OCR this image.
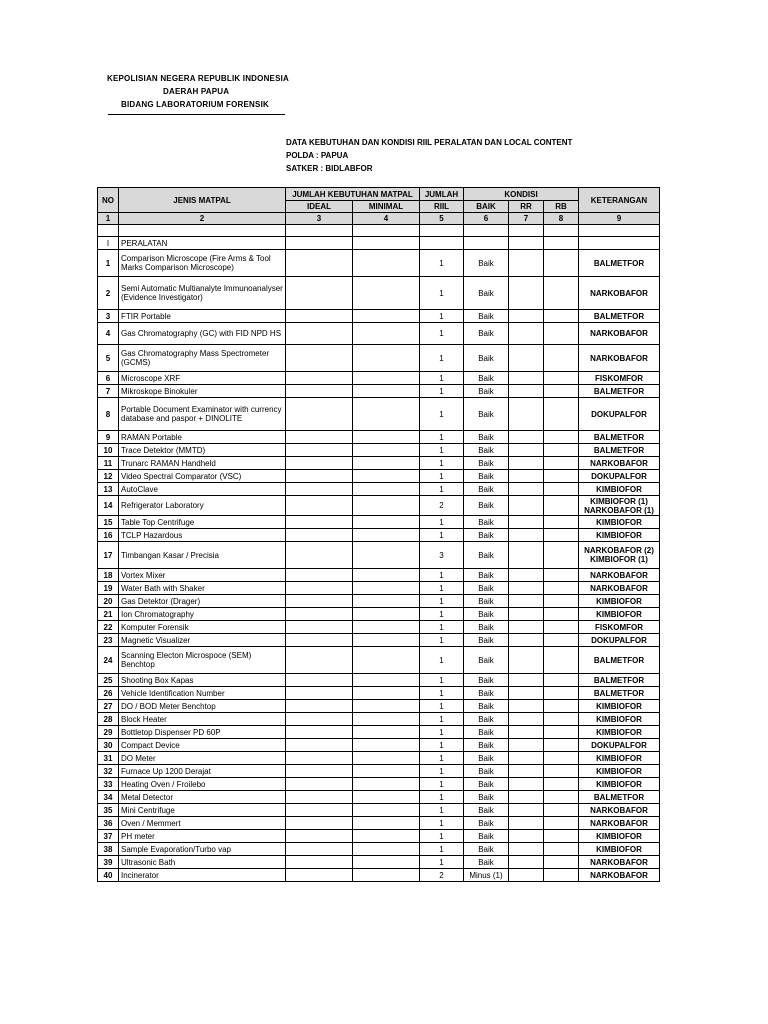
KEPOLISIAN NEGERA REPUBLIK INDONESIA
DAERAH PAPUA
BIDANG LABORATORIUM FORENSIK
DATA KEBUTUHAN DAN KONDISI RIIL PERALATAN DAN LOCAL CONTENT
POLDA : PAPUA
SATKER : BIDLABFOR
NO	JENIS MATPAL	JUMLAH KEBUTUHAN MATPAL		JUMLAH	KONDISI			KETERANGAN
		IDEAL	MINIMAL	RIIL	BAIK	RR	RB	
1	2	3	4	5	6	7	8	9

I	PERALATAN							
1	Comparison Microscope (Fire Arms & Tool Marks Comparison Microscope)			1	Baik			BALMETFOR

2	Semi Automatic Multianalyte Immunoanalyser (Evidence Investigator)			1	Baik			NARKOBAFOR

3	FTIR Portable			1	Baik			BALMETFOR

4	Gas Chromatography (GC) with FID NPD HS			1	Baik			NARKOBAFOR

5	Gas Chromatography Mass Spectrometer (GCMS)			1	Baik			NARKOBAFOR

6	Microscope XRF			1	Baik			FISKOMFOR

7	Mikroskope Binokuler			1	Baik			BALMETFOR

8	Portable Document Examinator with currency database and paspor + DINOLITE			1	Baik			DOKUPALFOR

9	RAMAN Portable			1	Baik			BALMETFOR

10	Trace Detektor (MMTD)			1	Baik			BALMETFOR

11	Trunarc RAMAN Handheld			1	Baik			NARKOBAFOR

12	Video Spectral Comparator (VSC)			1	Baik			DOKUPALFOR

13	AutoClave			1	Baik			KIMBIOFOR

14	Refrigerator Laboratory			2	Baik			KIMBIOFOR (1)
NARKOBAFOR (1)

15	Table Top Centrifuge			1	Baik			KIMBIOFOR

16	TCLP Hazardous			1	Baik			KIMBIOFOR

17	Timbangan Kasar / Precisia			3	Baik			NARKOBAFOR (2)
KIMBIOFOR (1)

18	Vortex Mixer			1	Baik			NARKOBAFOR

19	Water Bath with Shaker			1	Baik			NARKOBAFOR

20	Gas Detektor (Drager)			1	Baik			KIMBIOFOR

21	Ion Chromatography			1	Baik			KIMBIOFOR

22	Komputer Forensik			1	Baik			FISKOMFOR

23	Magnetic Visualizer			1	Baik			DOKUPALFOR

24	Scanning Electon Microspoce (SEM) Benchtop			1	Baik			BALMETFOR

25	Shooting Box Kapas			1	Baik			BALMETFOR

26	Vehicle Identification Number			1	Baik			BALMETFOR

27	DO / BOD Meter Benchtop			1	Baik			KIMBIOFOR

28	Block Heater			1	Baik			KIMBIOFOR

29	Bottletop Dispenser PD 60P			1	Baik			KIMBIOFOR

30	Compact Device			1	Baik			DOKUPALFOR

31	DO Meter			1	Baik			KIMBIOFOR

32	Furnace Up 1200 Derajat			1	Baik			KIMBIOFOR

33	Heating Oven / Froilebo			1	Baik			KIMBIOFOR

34	Metal Detector			1	Baik			BALMETFOR

35	Mini Centrifuge			1	Baik			NARKOBAFOR

36	Oven / Memmert			1	Baik			NARKOBAFOR

37	PH meter			1	Baik			KIMBIOFOR

38	Sample Evaporation/Turbo vap			1	Baik			KIMBIOFOR

39	Ultrasonic Bath			1	Baik			NARKOBAFOR

40	Incinerator			2	Minus (1)			NARKOBAFOR
